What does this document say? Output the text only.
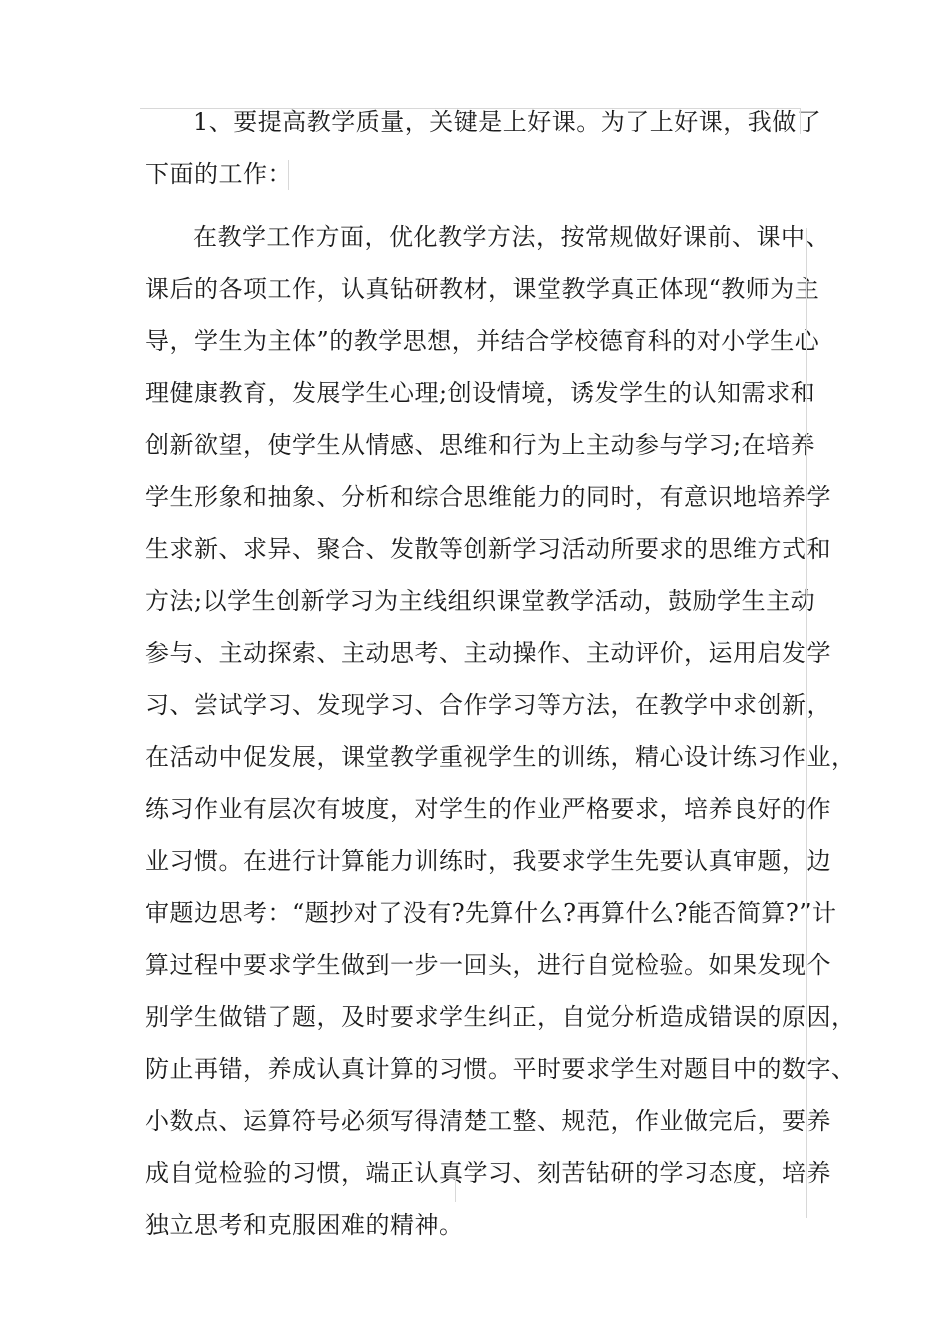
1、要提高教学质量，关键是上好课。为了上好课，我做了
下面的工作：
在教学工作方面，优化教学方法，按常规做好课前、课中、
课后的各项工作，认真钻研教材，课堂教学真正体现“教师为主
导，学生为主体”的教学思想，并结合学校德育科的对小学生心
理健康教育，发展学生心理;创设情境，诱发学生的认知需求和
创新欲望，使学生从情感、思维和行为上主动参与学习;在培养
学生形象和抽象、分析和综合思维能力的同时，有意识地培养学
生求新、求异、聚合、发散等创新学习活动所要求的思维方式和
方法;以学生创新学习为主线组织课堂教学活动，鼓励学生主动
参与、主动探索、主动思考、主动操作、主动评价，运用启发学
习、尝试学习、发现学习、合作学习等方法，在教学中求创新，
在活动中促发展，课堂教学重视学生的训练，精心设计练习作业，
练习作业有层次有坡度，对学生的作业严格要求，培养良好的作
业习惯。在进行计算能力训练时，我要求学生先要认真审题，边
审题边思考：“题抄对了没有?先算什么?再算什么?能否简算?”计
算过程中要求学生做到一步一回头，进行自觉检验。如果发现个
别学生做错了题，及时要求学生纠正，自觉分析造成错误的原因，
防止再错，养成认真计算的习惯。平时要求学生对题目中的数字、
小数点、运算符号必须写得清楚工整、规范，作业做完后，要养
成自觉检验的习惯，端正认真学习、刻苦钻研的学习态度，培养
独立思考和克服困难的精神。
